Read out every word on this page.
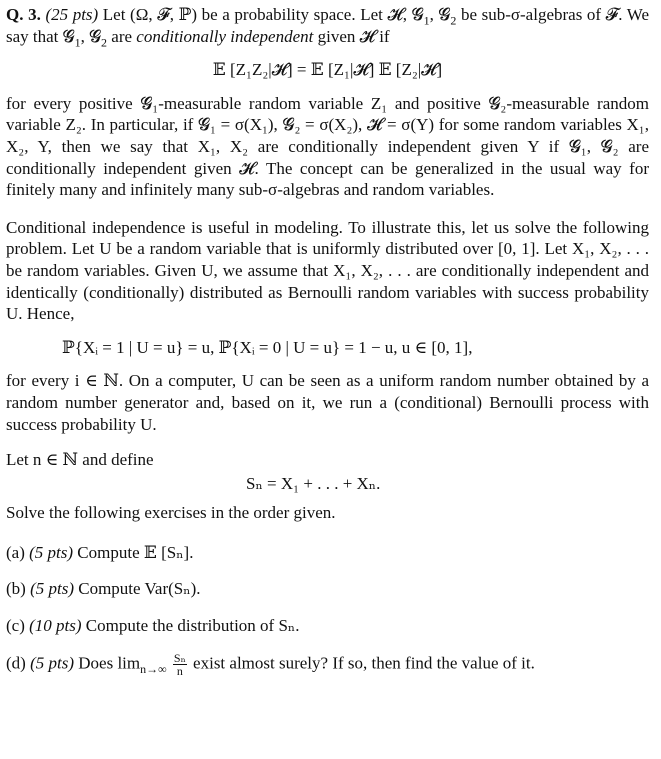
Q. 3. (25 pts) Let (Ω, 𝓕, ℙ) be a probability space. Let 𝓗, 𝓖$_1$, 𝓖$_2$ be sub-σ-algebras of 𝓕. We say that 𝓖$_1$, 𝓖$_2$ are conditionally independent given 𝓗 if

𝔼 [Z₁Z₂|𝓗] = 𝔼 [Z₁|𝓗] 𝔼 [Z₂|𝓗]

for every positive 𝓖₁-measurable random variable Z₁ and positive 𝓖₂-measurable random variable Z₂. In particular, if 𝓖₁ = σ(X₁), 𝓖₂ = σ(X₂), 𝓗 = σ(Y) for some random variables X₁, X₂, Y, then we say that X₁, X₂ are conditionally independent given Y if 𝓖₁, 𝓖₂ are conditionally independent given 𝓗. The concept can be generalized in the usual way for finitely many and infinitely many sub-σ-algebras and random variables.

Conditional independence is useful in modeling. To illustrate this, let us solve the following problem. Let U be a random variable that is uniformly distributed over [0, 1]. Let X₁, X₂, . . . be random variables. Given U, we assume that X₁, X₂, . . . are conditionally independent and identically (conditionally) distributed as Bernoulli random variables with success probability U. Hence,

ℙ{Xᵢ = 1 | U = u} = u, ℙ{Xᵢ = 0 | U = u} = 1 − u, u ∈ [0, 1],

for every i ∈ ℕ. On a computer, U can be seen as a uniform random number obtained by a random number generator and, based on it, we run a (conditional) Bernoulli process with success probability U.

Let n ∈ ℕ and define

Sₙ = X₁ + . . . + Xₙ.

Solve the following exercises in the order given.

(a) (5 pts) Compute 𝔼 [Sₙ].

(b) (5 pts) Compute Var(Sₙ).

(c) (10 pts) Compute the distribution of Sₙ.

(d) (5 pts) Does $\lim_{n\to\infty} \frac{\text{Sₙ}}{n}$ exist almost surely? If so, then find the value of it.
